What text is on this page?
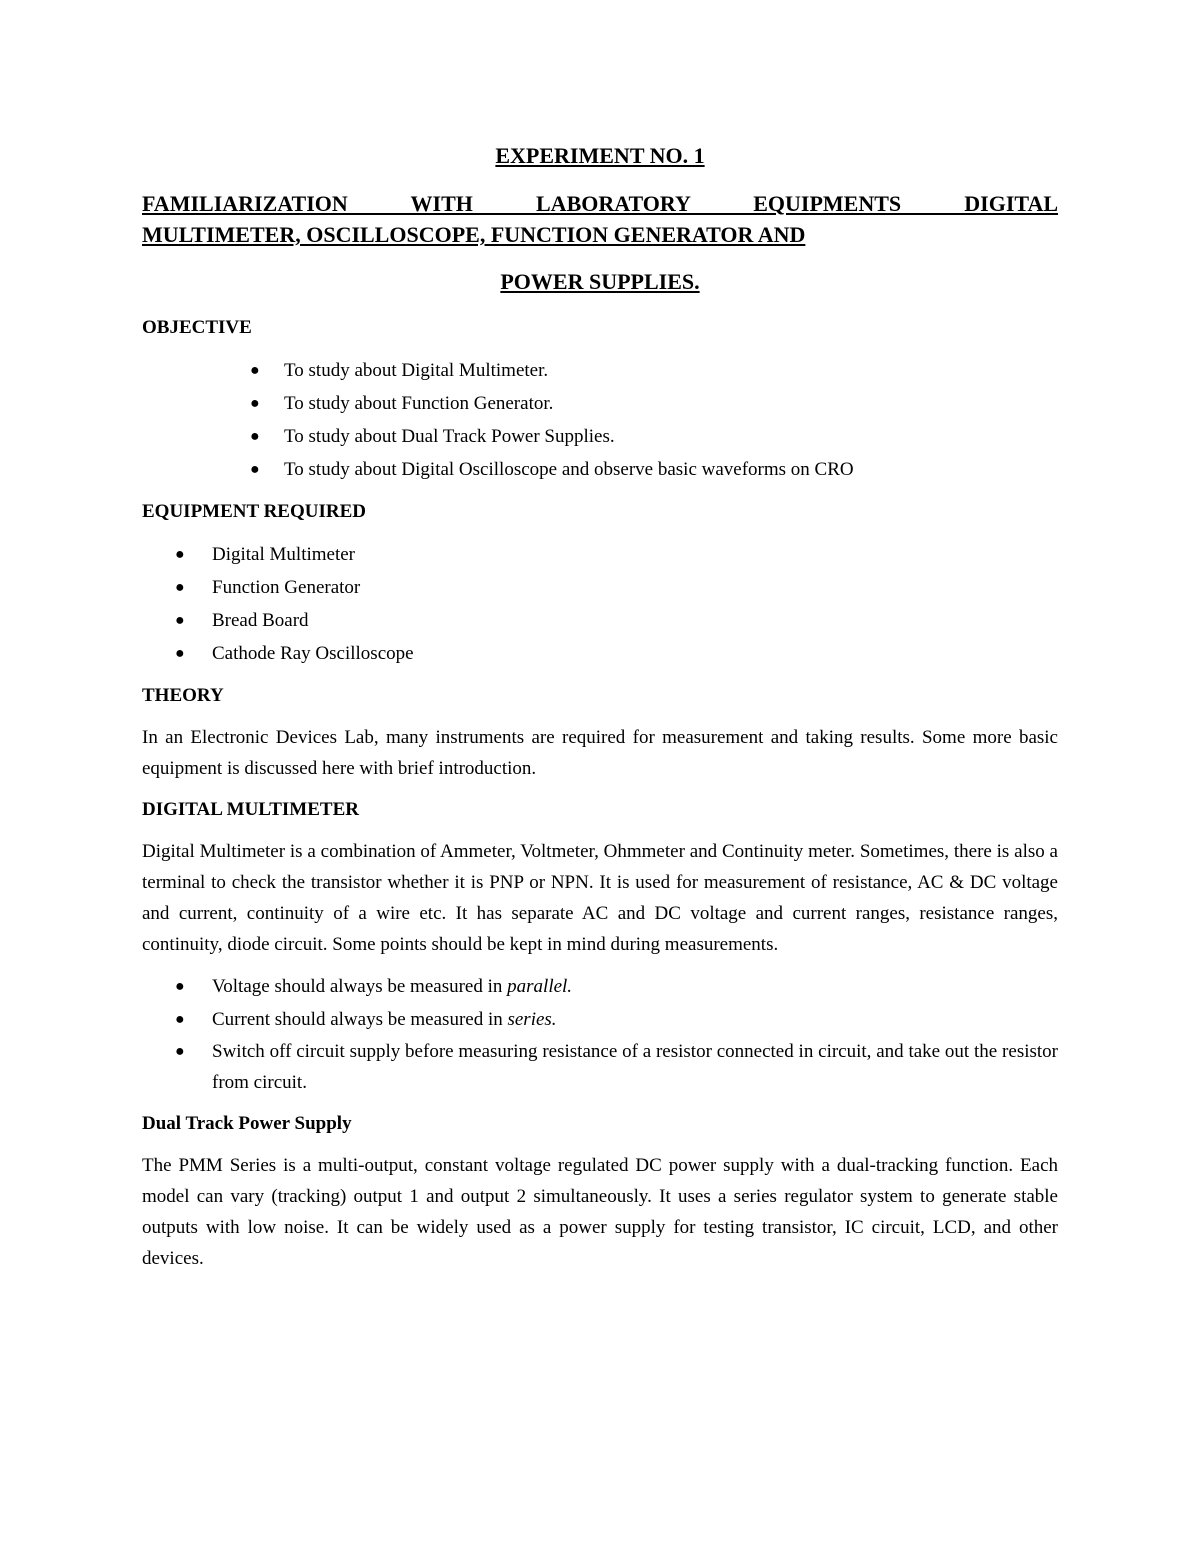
EXPERIMENT NO. 1
FAMILIARIZATION WITH LABORATORY EQUIPMENTS DIGITAL
MULTIMETER, OSCILLOSCOPE, FUNCTION GENERATOR AND
POWER SUPPLIES.
OBJECTIVE
● To study about Digital Multimeter.
● To study about Function Generator.
● To study about Dual Track Power Supplies.
● To study about Digital Oscilloscope and observe basic waveforms on CRO
EQUIPMENT REQUIRED
● Digital Multimeter
● Function Generator
● Bread Board
● Cathode Ray Oscilloscope
THEORY

In an Electronic Devices Lab, many instruments are required for measurement and taking results. Some more basic equipment is discussed here with brief introduction.

DIGITAL MULTIMETER

Digital Multimeter is a combination of Ammeter, Voltmeter, Ohmmeter and Continuity meter. Sometimes, there is also a terminal to check the transistor whether it is PNP or NPN. It is used for measurement of resistance, AC & DC voltage and current, continuity of a wire etc. It has separate AC and DC voltage and current ranges, resistance ranges, continuity, diode circuit. Some points should be kept in mind during measurements.

● Voltage should always be measured in parallel.
● Current should always be measured in series.
● Switch off circuit supply before measuring resistance of a resistor connected in circuit, and take out the resistor from circuit.
Dual Track Power Supply

The PMM Series is a multi-output, constant voltage regulated DC power supply with a dual-tracking function. Each model can vary (tracking) output 1 and output 2 simultaneously. It uses a series regulator system to generate stable outputs with low noise. It can be widely used as a power supply for testing transistor, IC circuit, LCD, and other devices.
